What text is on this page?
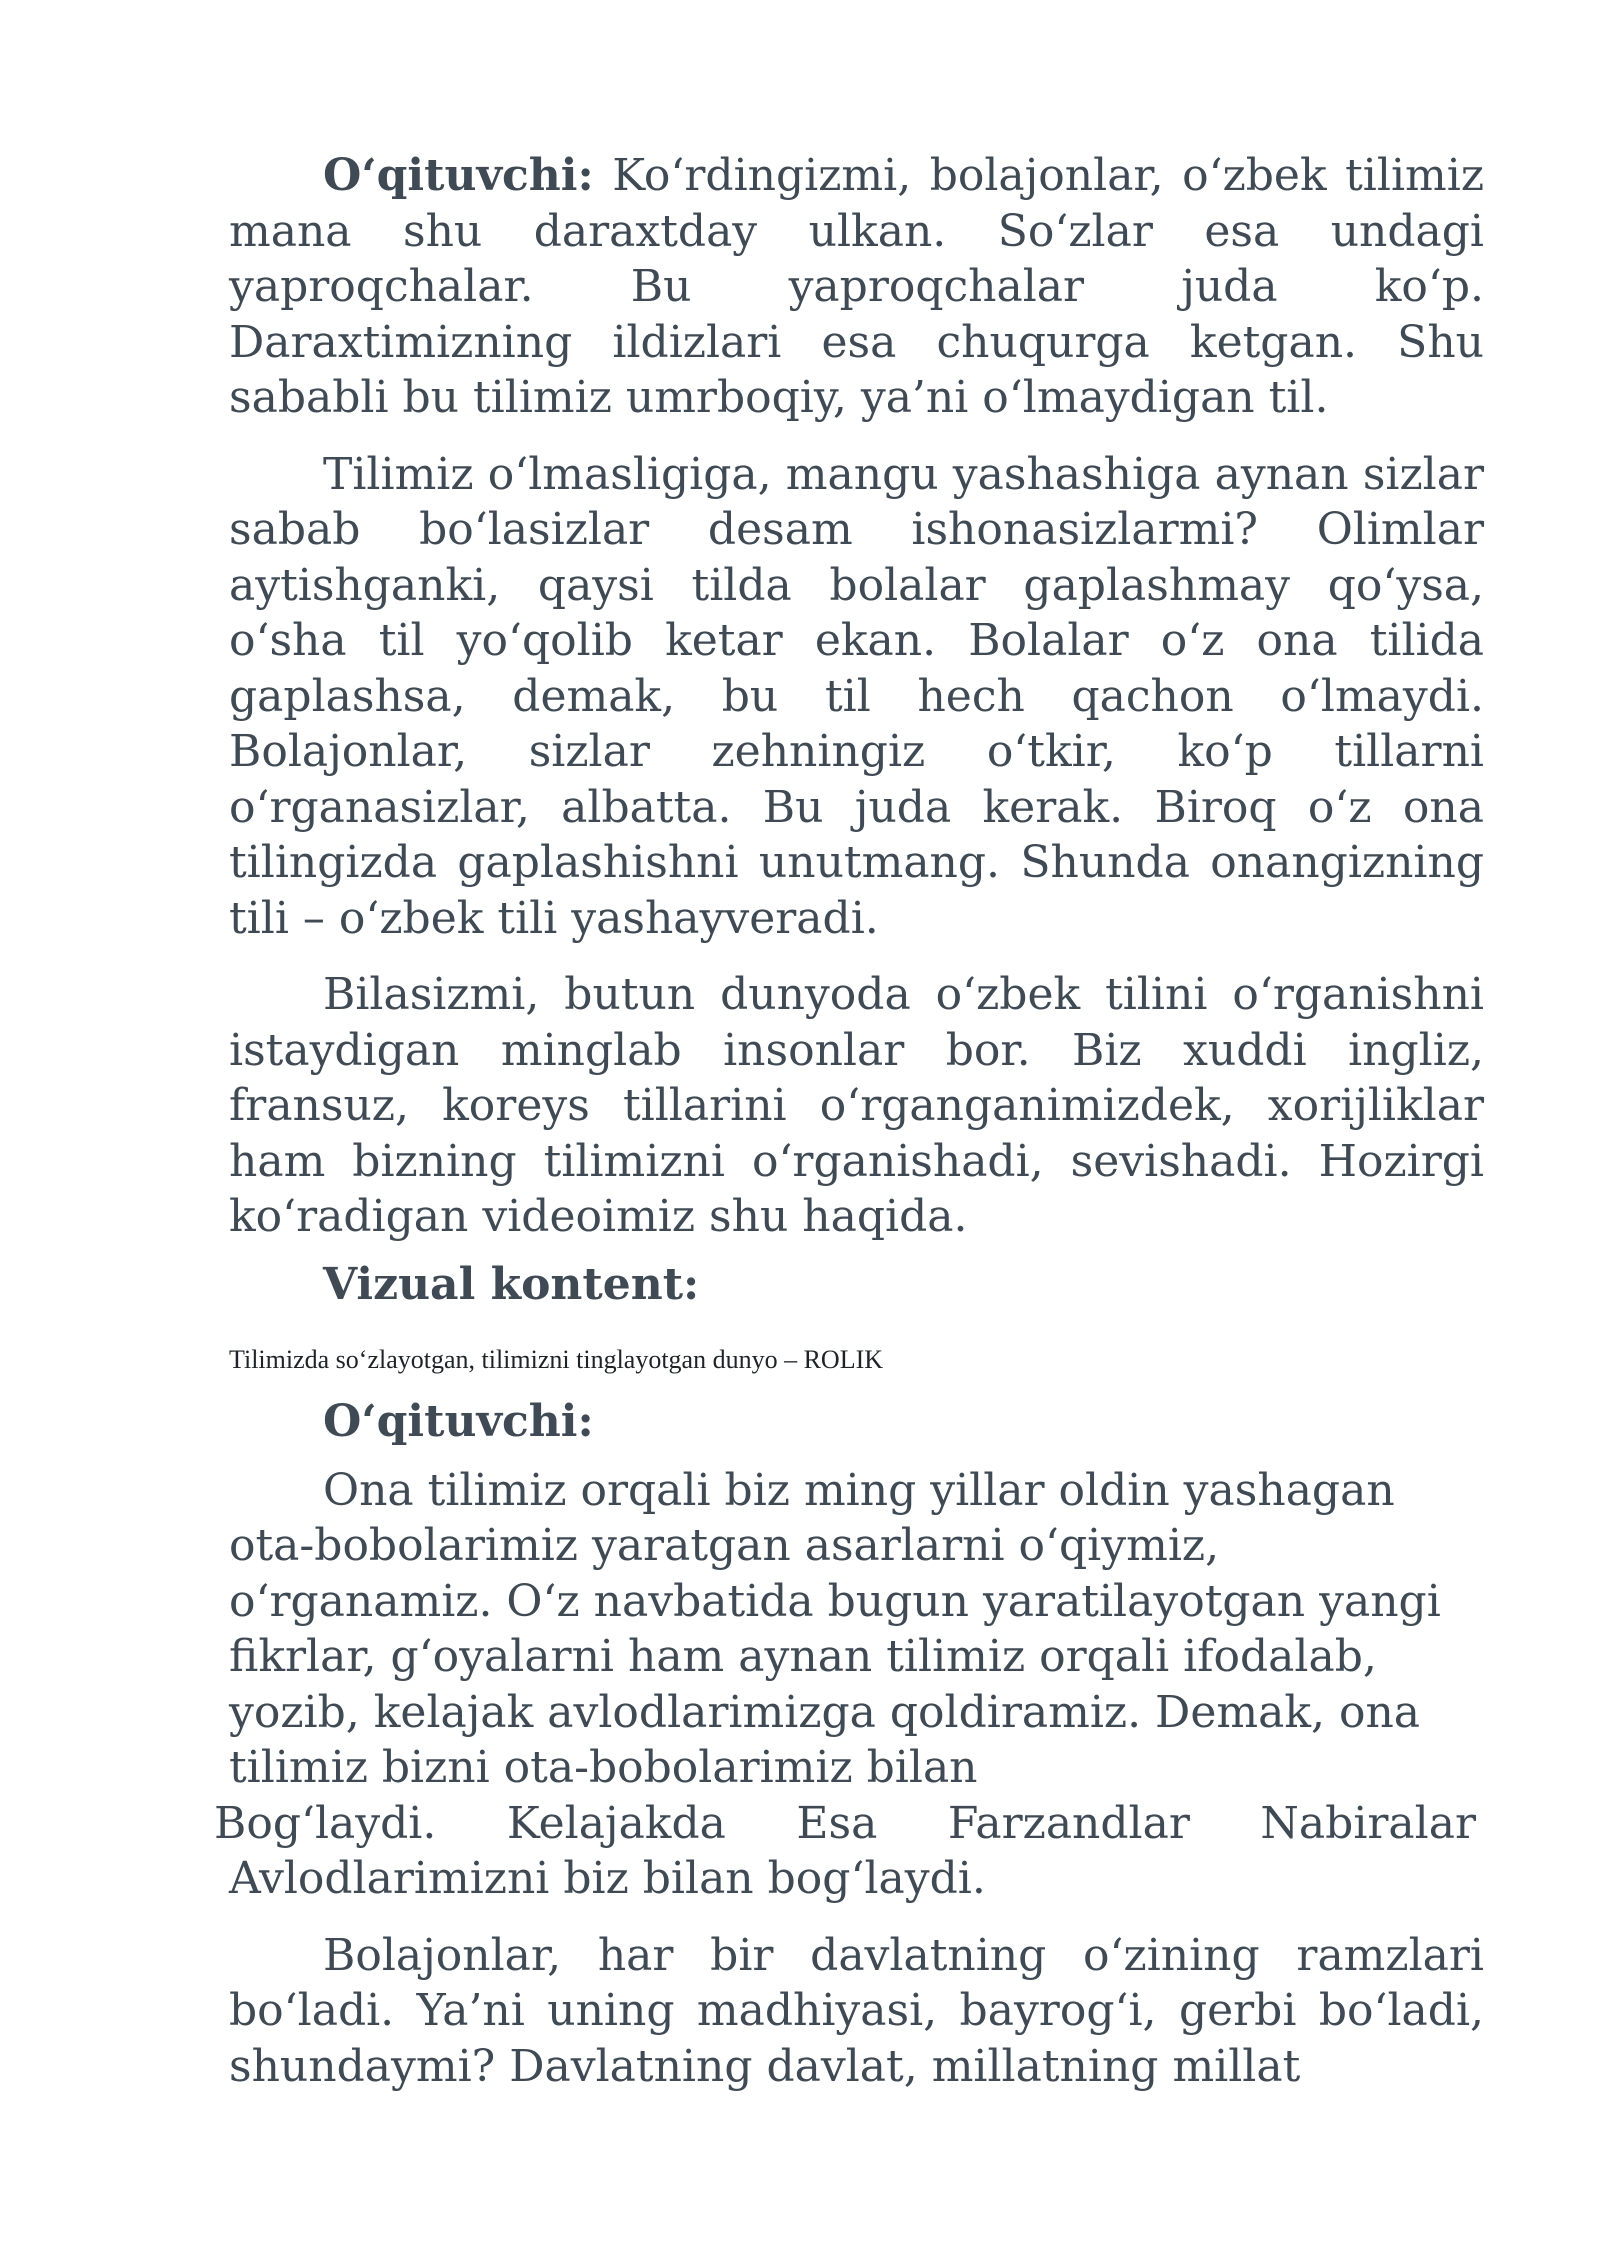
O‘qituvchi: Ko‘rdingizmi, bolajonlar, o‘zbek tilimiz mana shu daraxtday ulkan. So‘zlar esa undagi yaproqchalar. Bu yaproqchalar juda ko‘p. Daraxtimizning ildizlari esa chuqurga ketgan. Shu sababli bu tilimiz umrboqiy, ya’ni o‘lmaydigan til.

Tilimiz o‘lmasligiga, mangu yashashiga aynan sizlar sabab bo‘lasizlar desam ishonasizlarmi? Olimlar aytishganki, qaysi tilda bolalar gaplashmay qo‘ysa, o‘sha til yo‘qolib ketar ekan. Bolalar o‘z ona tilida gaplashsa, demak, bu til hech qachon o‘lmaydi. Bolajonlar, sizlar zehningiz o‘tkir, ko‘p tillarni o‘rganasizlar, albatta. Bu juda kerak. Biroq o‘z ona tilingizda gaplashishni unutmang. Shunda onangizning tili – o‘zbek tili yashayveradi.

Bilasizmi, butun dunyoda o‘zbek tilini o‘rganishni istaydigan minglab insonlar bor. Biz xuddi ingliz, fransuz, koreys tillarini o‘rganganimizdek, xorijliklar ham bizning tilimizni o‘rganishadi, sevishadi. Hozirgi ko‘radigan videoimiz shu haqida.

Vizual kontent:

Tilimizda so‘zlayotgan, tilimizni tinglayotgan dunyo – ROLIK

O‘qituvchi:

Ona tilimiz orqali biz ming yillar oldin yashagan

ota-bobolarimiz yaratgan asarlarni o‘qiymiz,

o‘rganamiz. O‘z navbatida bugun yaratilayotgan yangi

fikrlar, g‘oyalarni ham aynan tilimiz orqali ifodalab,

yozib, kelajak avlodlarimizga qoldiramiz. Demak, ona

tilimiz bizni ota-bobolarimiz bilan

Bog‘laydi. Kelajakda Esa Farzandlar Nabiralar

Avlodlarimizni biz bilan bog‘laydi.

Bolajonlar, har bir davlatning o‘zining ramzlari bo‘ladi. Ya’ni uning madhiyasi, bayrog‘i, gerbi bo‘ladi, shundaymi? Davlatning davlat, millatning millat
